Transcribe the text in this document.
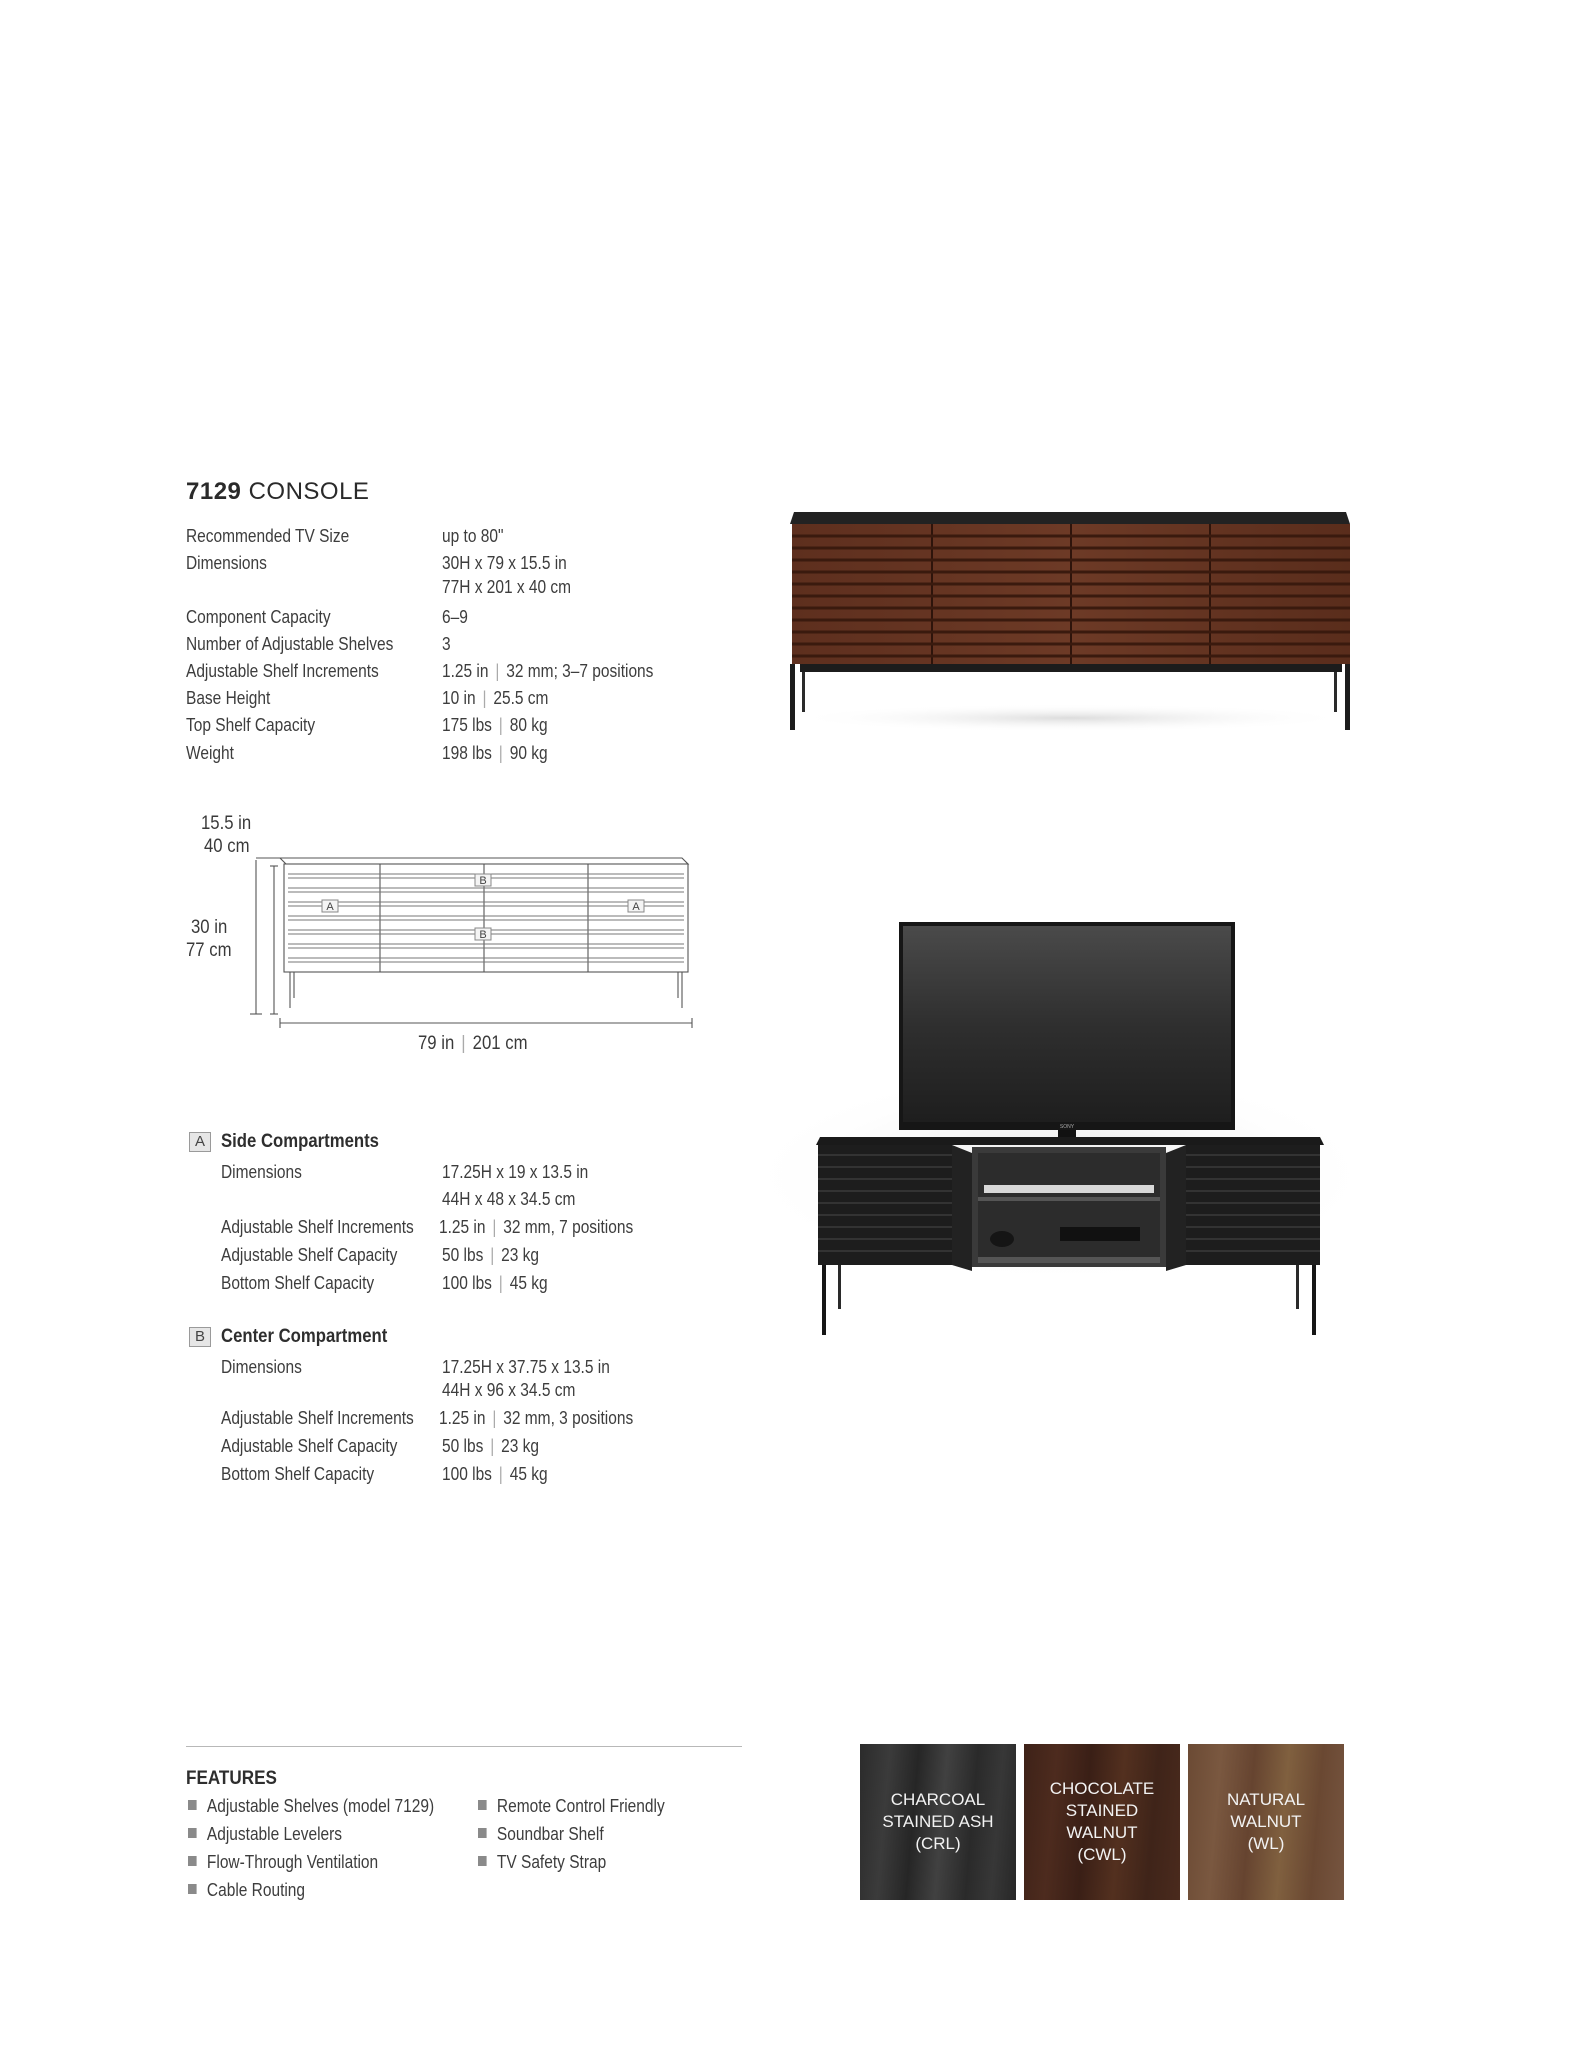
7129 CONSOLE
Recommended TV Size	up to 80"
Dimensions	30H x 79 x 15.5 in
77H x 201 x 40 cm
Component Capacity	6–9
Number of Adjustable Shelves	3
Adjustable Shelf Increments	1.25 in | 32 mm; 3–7 positions
Base Height	10 in | 25.5 cm
Top Shelf Capacity	175 lbs | 80 kg
Weight	198 lbs | 90 kg
15.5 in
40 cm
30 in
77 cm
79 in | 201 cm
B
A	A
B
A Side Compartments
Dimensions	17.25H x 19 x 13.5 in
44H x 48 x 34.5 cm
Adjustable Shelf Increments 1.25 in | 32 mm, 7 positions
Adjustable Shelf Capacity 50 lbs | 23 kg
Bottom Shelf Capacity	100 lbs | 45 kg
B Center Compartment
Dimensions	17.25H x 37.75 x 13.5 in
44H x 96 x 34.5 cm
Adjustable Shelf Increments 1.25 in | 32 mm, 3 positions
Adjustable Shelf Capacity 50 lbs | 23 kg
Bottom Shelf Capacity	100 lbs | 45 kg
SONY
FEATURES
Adjustable Shelves (model 7129)
Adjustable Levelers
Flow-Through Ventilation
Cable Routing
Remote Control Friendly
Soundbar Shelf
TV Safety Strap
CHARCOAL
STAINED ASH
(CRL)
CHOCOLATE
STAINED
WALNUT
(CWL)
NATURAL
WALNUT
(WL)
